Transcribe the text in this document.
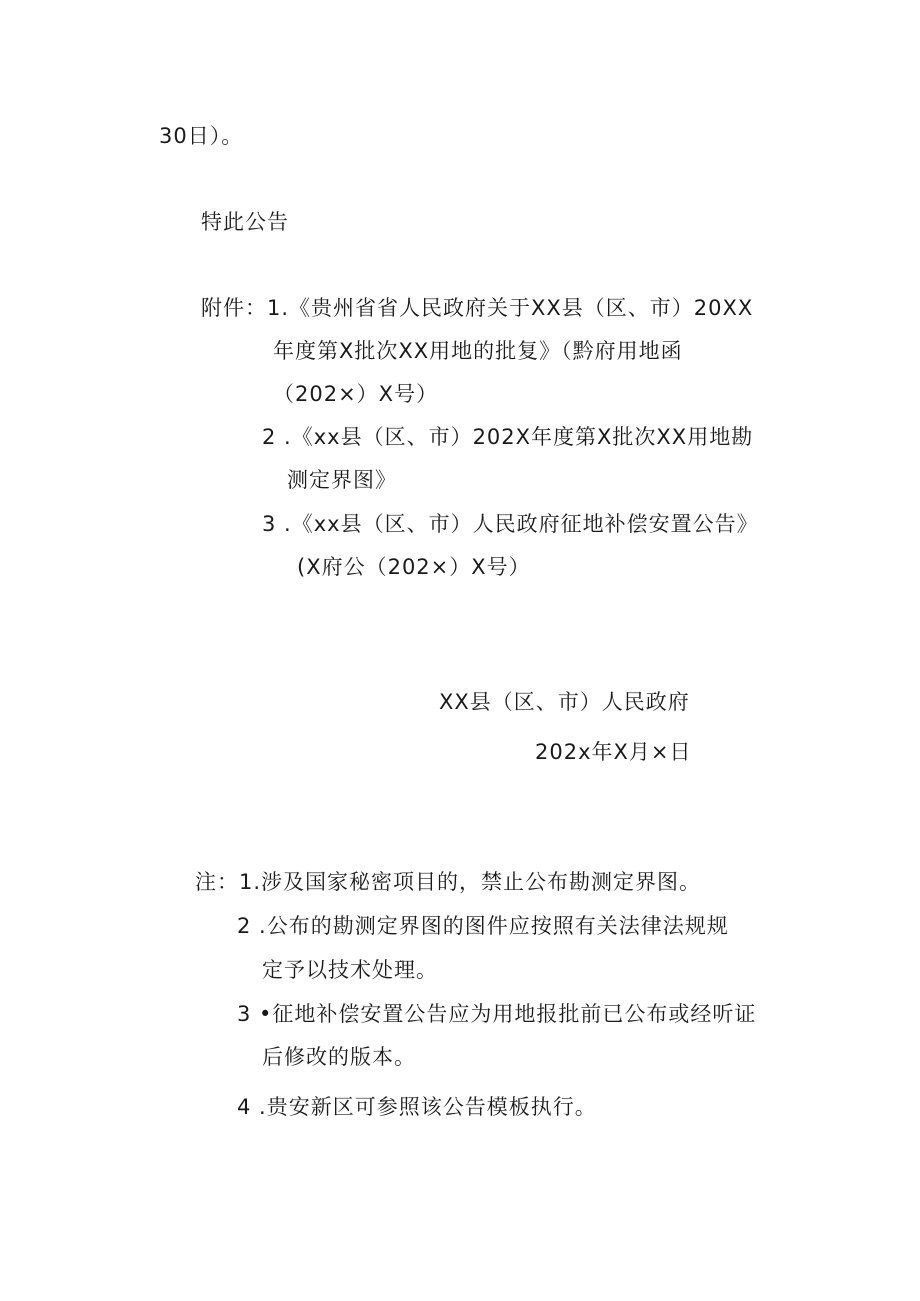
30日）。
特此公告
附件：1.《贵州省省人民政府关于XX县（区、市）20XX
年度第X批次XX用地的批复》（黔府用地函
（202×）X号）
2 .《xx县（区、市）202X年度第X批次XX用地勘
测定界图》
3 .《xx县（区、市）人民政府征地补偿安置公告》
(X府公（202×）X号）
XX县（区、市）人民政府
202x年X月×日
注：1.涉及国家秘密项目的，禁止公布勘测定界图。
2 .公布的勘测定界图的图件应按照有关法律法规规
定予以技术处理。
3 •征地补偿安置公告应为用地报批前已公布或经听证
后修改的版本。
4 .贵安新区可参照该公告模板执行。
